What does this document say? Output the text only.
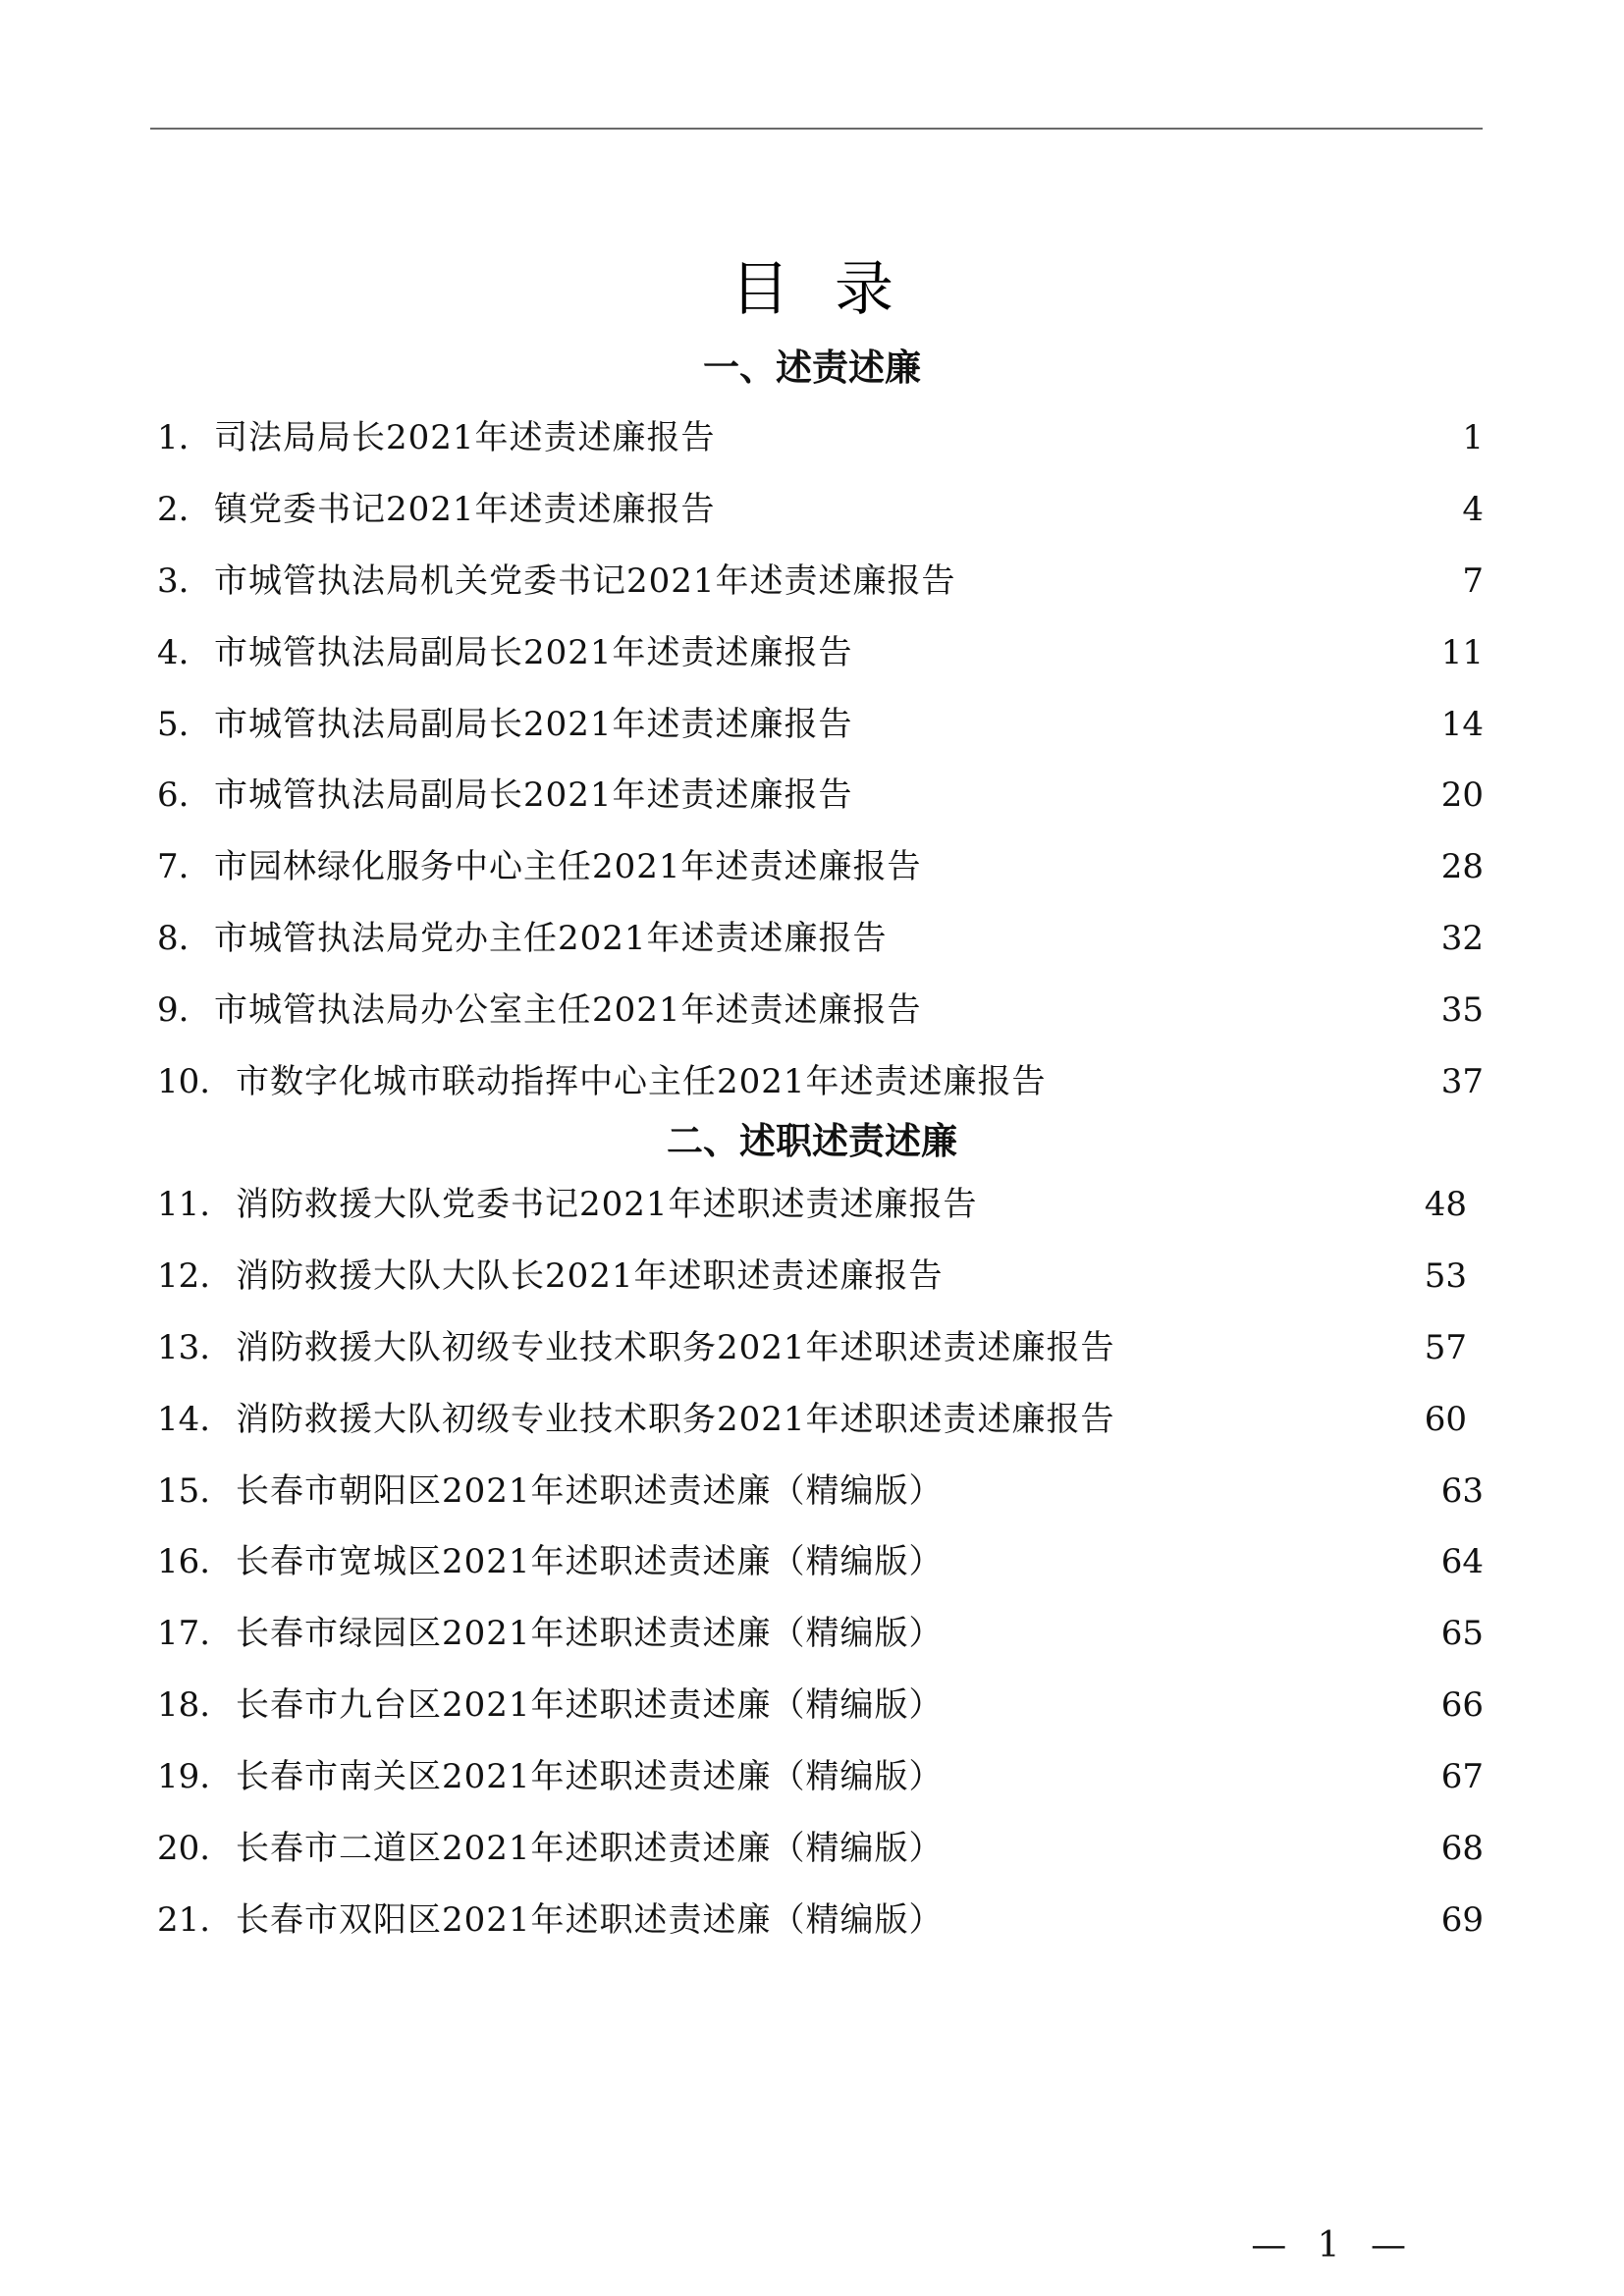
目录
一、述责述廉
1. 司法局局长2021年述责述廉报告	1
2. 镇党委书记2021年述责述廉报告	4
3. 市城管执法局机关党委书记2021年述责述廉报告	7
4. 市城管执法局副局长2021年述责述廉报告	11
5. 市城管执法局副局长2021年述责述廉报告	14
6. 市城管执法局副局长2021年述责述廉报告	20
7. 市园林绿化服务中心主任2021年述责述廉报告	28
8. 市城管执法局党办主任2021年述责述廉报告	32
9. 市城管执法局办公室主任2021年述责述廉报告	35
10. 市数字化城市联动指挥中心主任2021年述责述廉报告	37
二、述职述责述廉
11. 消防救援大队党委书记2021年述职述责述廉报告	48
12. 消防救援大队大队长2021年述职述责述廉报告	53
13. 消防救援大队初级专业技术职务2021年述职述责述廉报告	57
14. 消防救援大队初级专业技术职务2021年述职述责述廉报告	60
15. 长春市朝阳区2021年述职述责述廉（精编版）	63
16. 长春市宽城区2021年述职述责述廉（精编版）	64
17. 长春市绿园区2021年述职述责述廉（精编版）	65
18. 长春市九台区2021年述职述责述廉（精编版）	66
19. 长春市南关区2021年述职述责述廉（精编版）	67
20. 长春市二道区2021年述职述责述廉（精编版）	68
21. 长春市双阳区2021年述职述责述廉（精编版）	69
— 1 —
